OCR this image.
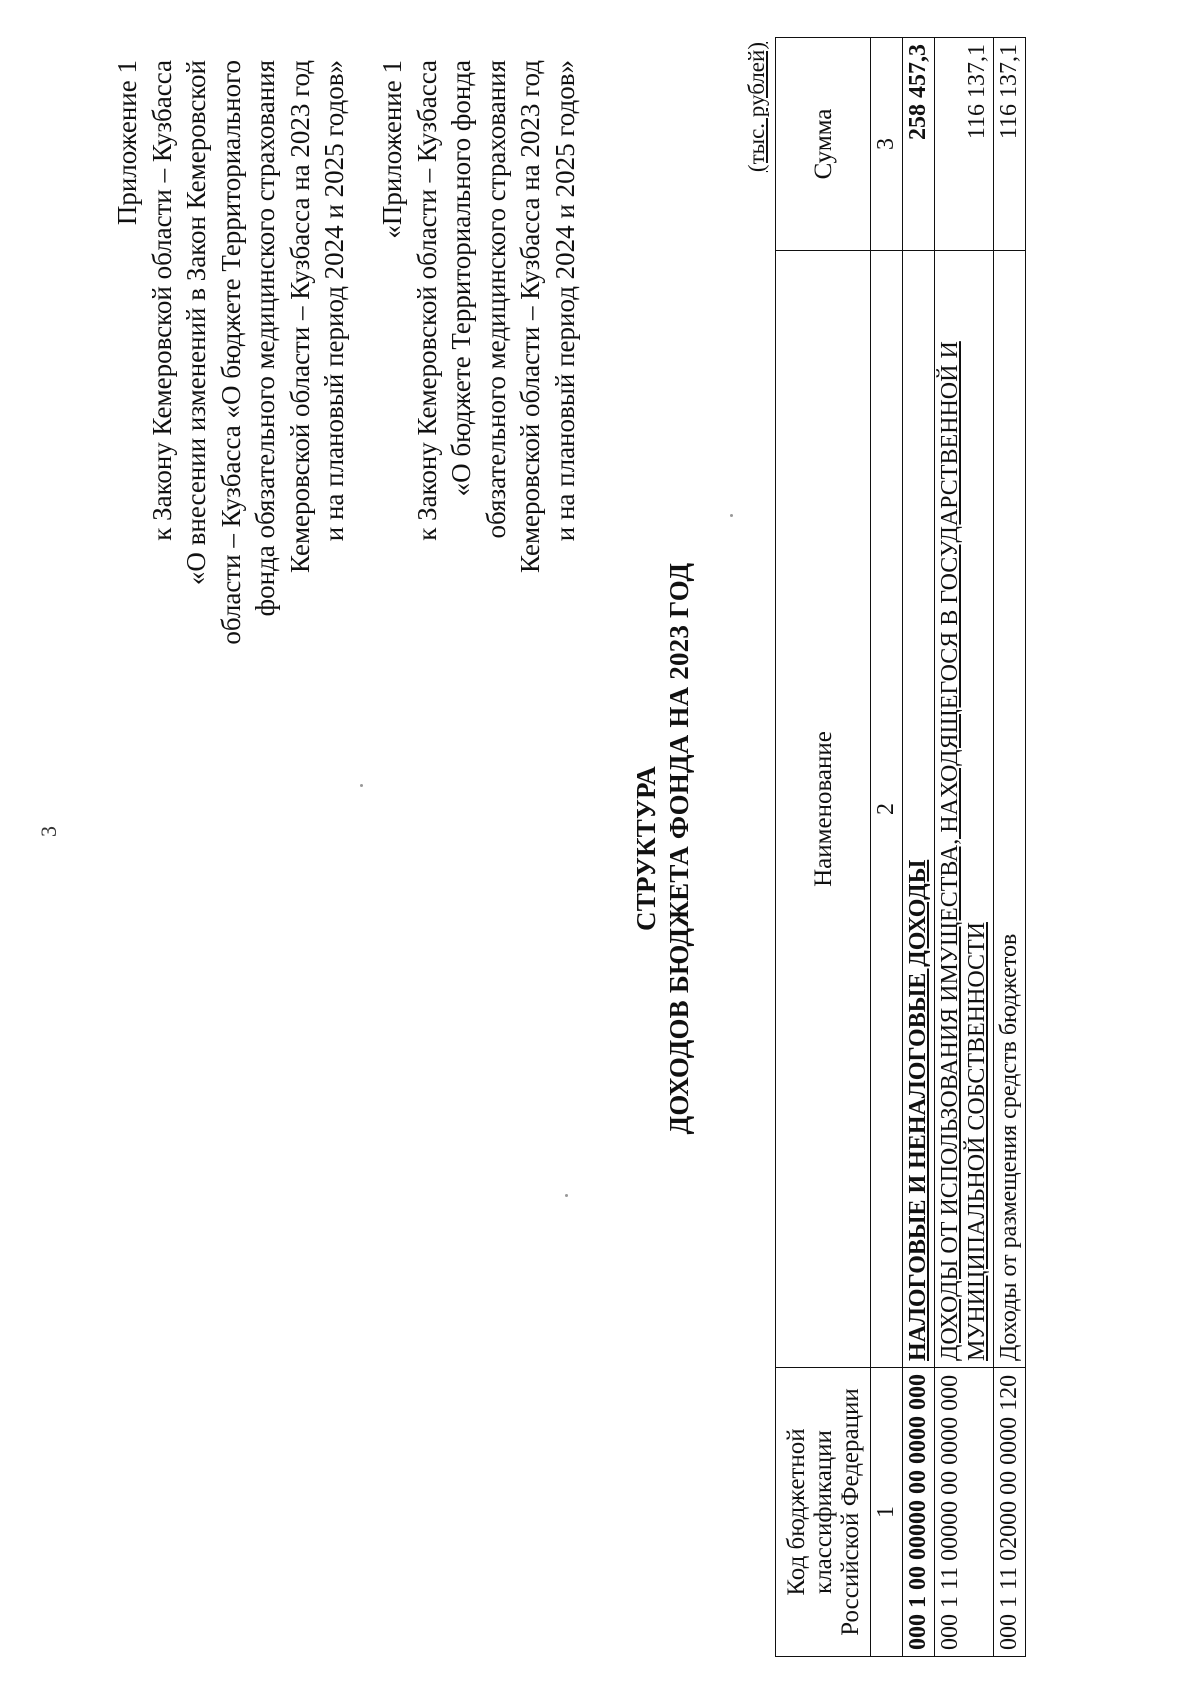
3
Приложение 1 к Закону Кемеровской области – Кузбасса «О внесении изменений в Закон Кемеровской области – Кузбасса «О бюджете Территориального фонда обязательного медицинского страхования Кемеровской области – Кузбасса на 2023 год и на плановый период 2024 и 2025 годов» «Приложение 1 к Закону Кемеровской области – Кузбасса «О бюджете Территориального фонда обязательного медицинского страхования Кемеровской области – Кузбасса на 2023 год и на плановый период 2024 и 2025 годов»
СТРУКТУРА ДОХОДОВ БЮДЖЕТА ФОНДА НА 2023 ГОД
(тыс. рублей)
Код бюджетной классификации Российской Федерации	Наименование	Сумма
1	2	3
000 1 00 00000 00 0000 000	НАЛОГОВЫЕ И НЕНАЛОГОВЫЕ ДОХОДЫ	258 457,3
000 1 11 00000 00 0000 000	ДОХОДЫ ОТ ИСПОЛЬЗОВАНИЯ ИМУЩЕСТВА, НАХОДЯЩЕГОСЯ В ГОСУДАРСТВЕННОЙ И МУНИЦИПАЛЬНОЙ СОБСТВЕННОСТИ	116 137,1
000 1 11 02000 00 0000 120	Доходы от размещения средств бюджетов	116 137,1
